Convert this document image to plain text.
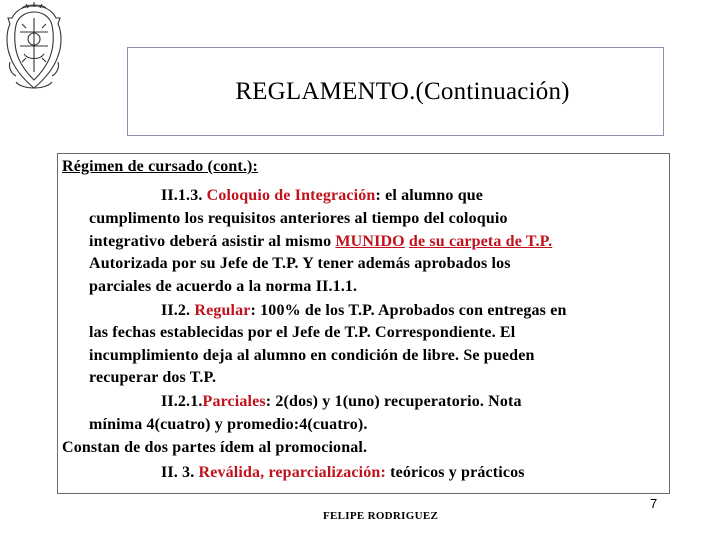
REGLAMENTO.(Continuación)
Régimen de cursado (cont.):
II.1.3. Coloquio de Integración: el alumno que
cumplimento los requisitos anteriores al tiempo del coloquio
integrativo deberá asistir al mismo MUNIDO de su carpeta de T.P.
Autorizada por su Jefe de T.P. Y tener además aprobados los
parciales de acuerdo a la norma II.1.1.
II.2. Regular: 100% de los T.P. Aprobados con entregas en
las fechas establecidas por el Jefe de T.P. Correspondiente. El
incumplimiento deja al alumno en condición de libre. Se pueden
recuperar dos T.P.
II.2.1.Parciales: 2(dos) y 1(uno) recuperatorio. Nota
mínima 4(cuatro) y promedio:4(cuatro).
Constan de dos partes ídem al promocional.
II. 3. Reválida, reparcialización: teóricos y prácticos
FELIPE RODRIGUEZ
7
